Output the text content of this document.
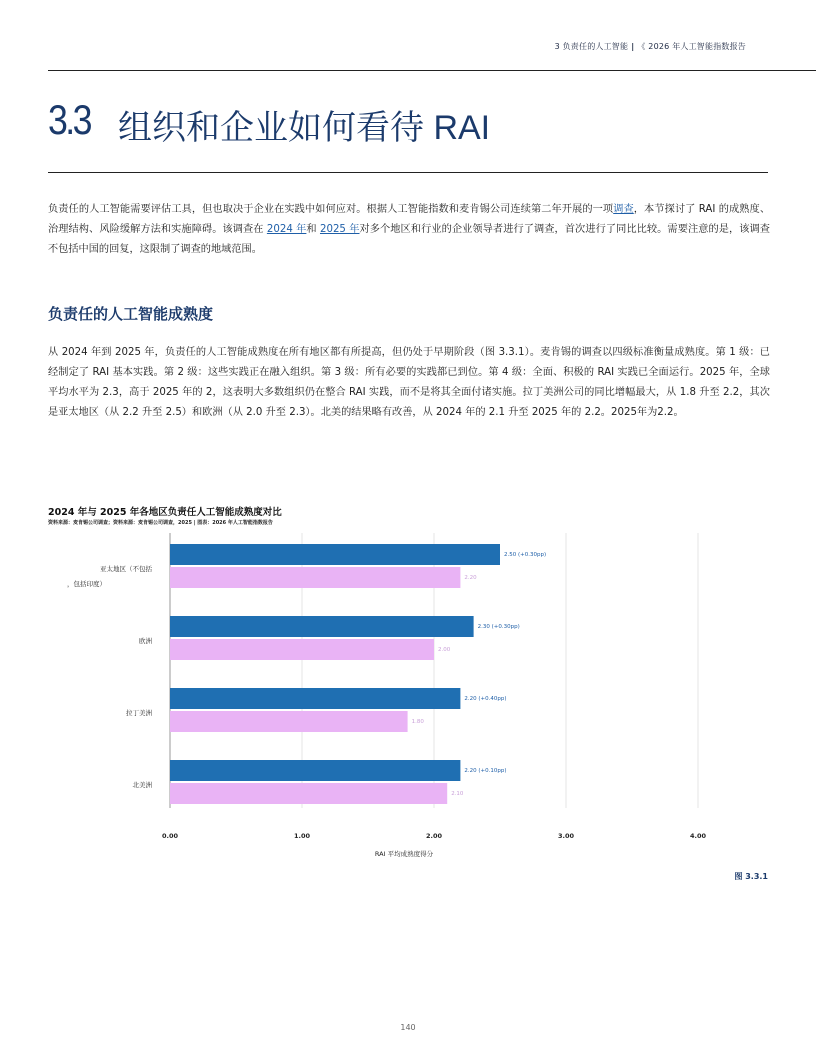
3 负责任的人工智能 | 《 2026 年人工智能指数报告
3.3 组织和企业如何看待 RAI

负责任的人工智能需要评估工具，但也取决于企业在实践中如何应对。根据人工智能指数和麦肯锡公司连续第二年开展的一项调查，本节探讨了 RAI 的成熟度、治理结构、风险缓解方法和实施障碍。该调查在 2024 年和 2025 年对多个地区和行业的企业领导者进行了调查，首次进行了同比比较。需要注意的是，该调查不包括中国的回复，这限制了调查的地域范围。

负责任的人工智能成熟度

从 2024 年到 2025 年，负责任的人工智能成熟度在所有地区都有所提高，但仍处于早期阶段（图 3.3.1）。麦肯锡的调查以四级标准衡量成熟度。第 1 级：已经制定了 RAI 基本实践。第 2 级：这些实践正在融入组织。第 3 级：所有必要的实践都已到位。第 4 级：全面、积极的 RAI 实践已全面运行。2025 年，全球平均水平为 2.3，高于 2025 年的 2，这表明大多数组织仍在整合 RAI 实践，而不是将其全面付诸实施。拉丁美洲公司的同比增幅最大，从 1.8 升至 2.2，其次是亚太地区（从 2.2 升至 2.5）和欧洲（从 2.0 升至 2.3）。北美的结果略有改善，从 2024 年的 2.1 升至 2025 年的 2.2。2025年为2.2。

2024 年与 2025 年各地区负责任人工智能成熟度对比
资料来源：麦肯锡公司调查；资料来源：麦肯锡公司调查，2025 | 图表：2026 年人工智能指数报告
0.00	1.00	2.00	3.00	4.00
RAI 平均成熟度得分
2.50 (+0.30pp)
2.20
亚太地区（不包括
，包括印度）
2.30 (+0.30pp)
2.00
欧洲
2.20 (+0.40pp)
1.80
拉丁美洲
2.20 (+0.10pp)
2.10
北美洲
图 3.3.1
140
